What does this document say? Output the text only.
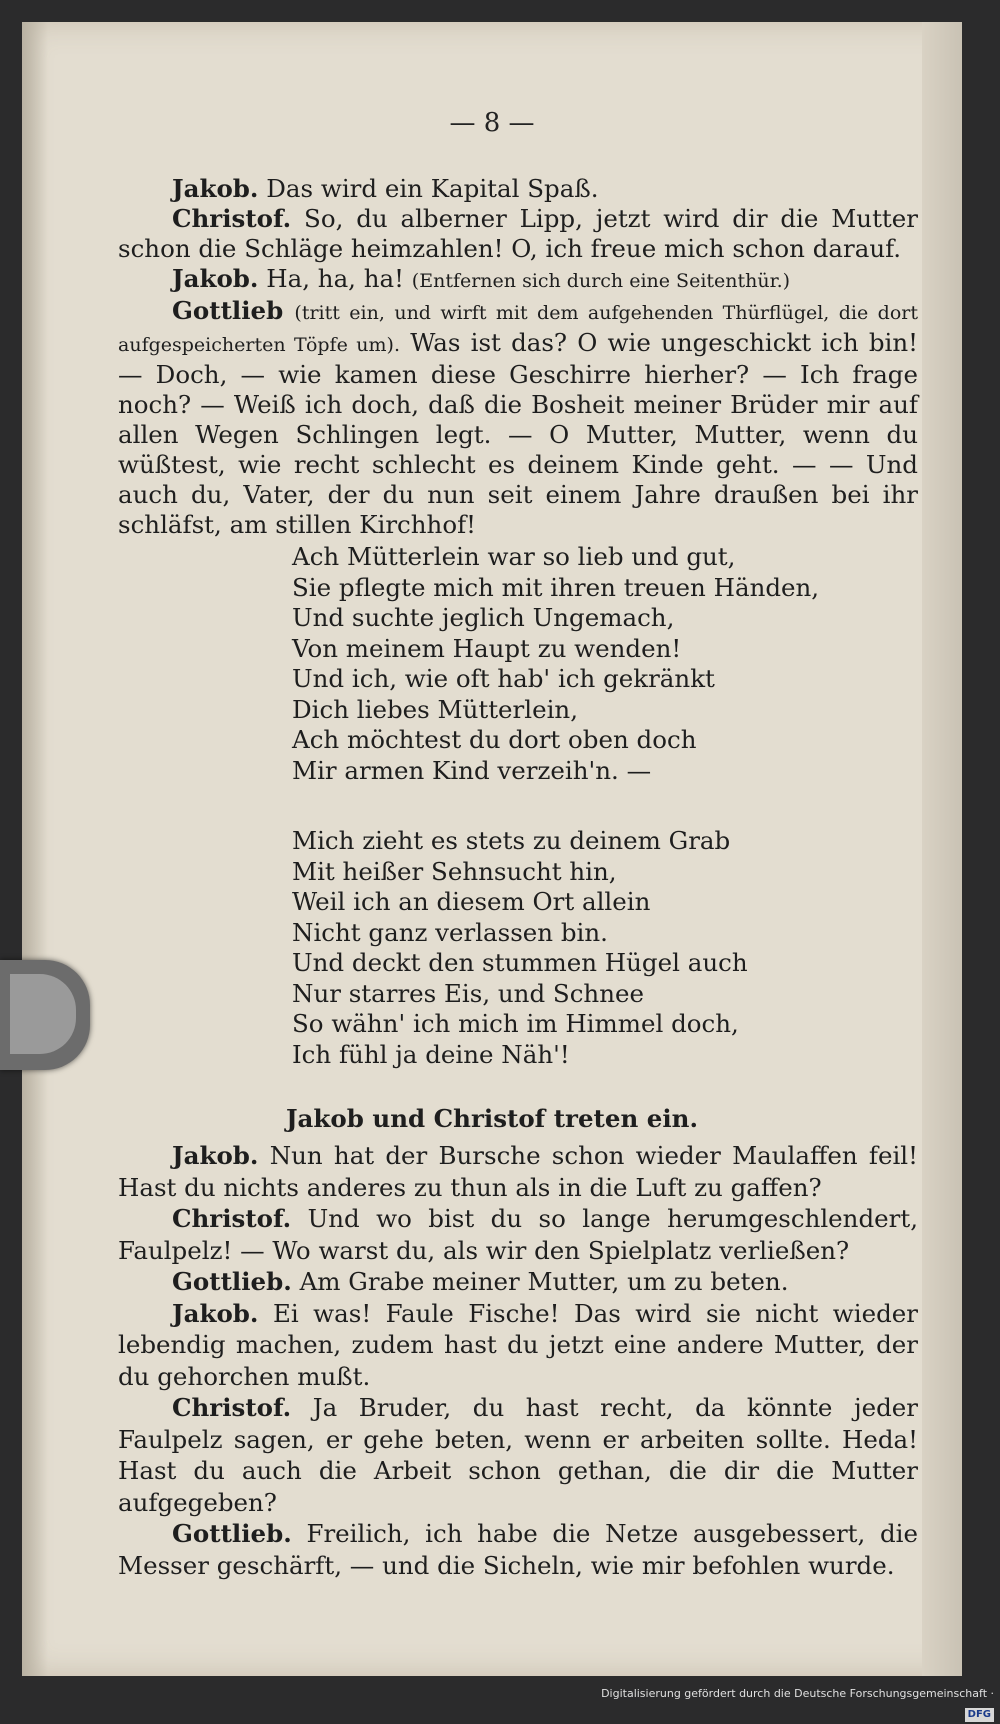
— 8 —

Jakob. Das wird ein Kapital Spaß.

Christof. So, du alberner Lipp, jetzt wird dir die Mutter schon die Schläge heimzahlen! O, ich freue mich schon darauf.

Jakob. Ha, ha, ha! (Entfernen sich durch eine Seitenthür.)

Gottlieb (tritt ein, und wirft mit dem aufgehenden Thürflügel, die dort aufgespeicherten Töpfe um). Was ist das? O wie ungeschickt ich bin! — Doch, — wie kamen diese Geschirre hierher? — Ich frage noch? — Weiß ich doch, daß die Bosheit meiner Brüder mir auf allen Wegen Schlingen legt. — O Mutter, Mutter, wenn du wüßtest, wie recht schlecht es deinem Kinde geht. — — Und auch du, Vater, der du nun seit einem Jahre draußen bei ihr schläfst, am stillen Kirchhof!

Ach Mütterlein war so lieb und gut,
Sie pflegte mich mit ihren treuen Händen,
Und suchte jeglich Ungemach,
Von meinem Haupt zu wenden!
Und ich, wie oft hab' ich gekränkt
Dich liebes Mütterlein,
Ach möchtest du dort oben doch
Mir armen Kind verzeih'n. —
Mich zieht es stets zu deinem Grab
Mit heißer Sehnsucht hin,
Weil ich an diesem Ort allein
Nicht ganz verlassen bin.
Und deckt den stummen Hügel auch
Nur starres Eis, und Schnee
So wähn' ich mich im Himmel doch,
Ich fühl ja deine Näh'!
Jakob und Christof treten ein.

Jakob. Nun hat der Bursche schon wieder Maulaffen feil! Hast du nichts anderes zu thun als in die Luft zu gaffen?

Christof. Und wo bist du so lange herumgeschlendert, Faulpelz! — Wo warst du, als wir den Spielplatz verließen?

Gottlieb. Am Grabe meiner Mutter, um zu beten.

Jakob. Ei was! Faule Fische! Das wird sie nicht wieder lebendig machen, zudem hast du jetzt eine andere Mutter, der du gehorchen mußt.

Christof. Ja Bruder, du hast recht, da könnte jeder Faulpelz sagen, er gehe beten, wenn er arbeiten sollte. Heda! Hast du auch die Arbeit schon gethan, die dir die Mutter aufgegeben?

Gottlieb. Freilich, ich habe die Netze ausgebessert, die Messer geschärft, — und die Sicheln, wie mir befohlen wurde.

Digitalisierung gefördert durch die Deutsche Forschungsgemeinschaft ·DFG
